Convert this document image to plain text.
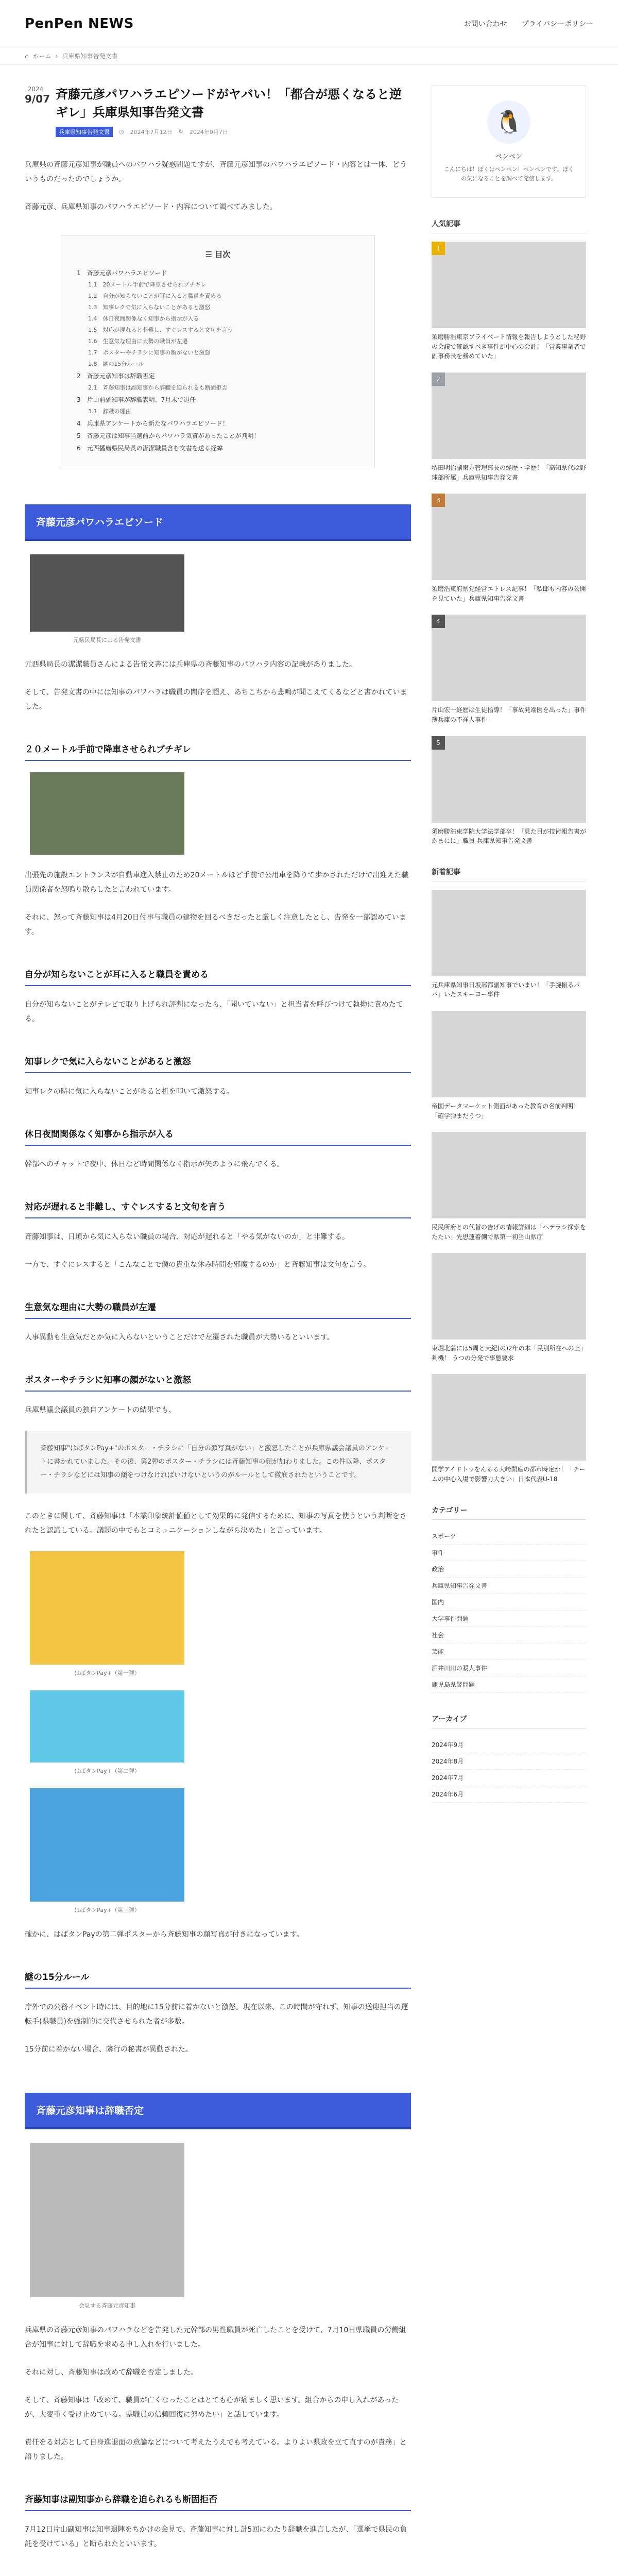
PenPen NEWS	お問い合わせ プライバシーポリシー
⌂ ホーム › 兵庫県知事告発文書
2024
9/07 斉藤元彦パワハラエピソードがヤバい！「都合が悪くなると逆ギレ」兵庫県知事告発文書
兵庫県知事告発文書	◷ 2024年7月12日 ↻ 2024年9月7日

兵庫県の斉藤元彦知事が職員へのパワハラ疑惑問題ですが、斉藤元彦知事のパワハラエピソード・内容とは一体、どういうものだったのでしょうか。

斉藤元彦、兵庫県知事のパワハラエピソード・内容について調べてみました。

☰ 目次
1　斉藤元彦パワハラエピソード
1.1　20メートル手前で降車させられブチギレ
1.2　自分が知らないことが耳に入ると職員を責める
1.3　知事レクで気に入らないことがあると激怒
1.4　休日夜間関係なく知事から指示が入る
1.5　対応が遅れると非難し、すぐレスすると文句を言う
1.6　生意気な理由に大勢の職員が左遷
1.7　ポスターやチラシに知事の顔がないと激怒
1.8　謎の15分ルール
2　斉藤元彦知事は辞職否定
2.1　斉藤知事は副知事から辞職を迫られるも断固拒否
3　片山前副知事が辞職表明、7月末で退任
3.1　辞職の理由
4　兵庫県アンケートから新たなパワハラエピソード！
5　斉藤元彦は知事当選前からパワハラ気質があったことが判明！
6　元西播磨県民局長の潔潔職員含む文書を送る経緯
斉藤元彦パワハラエピソード
元県民局長による告発文書

元西県局長の潔潔職員さんによる告発文書には兵庫県の斉藤知事のパワハラ内容の記載がありました。

そして、告発文書の中には知事のパワハラは職員の間序を超え、あちこちから悲鳴が聞こえてくるなどと書かれていました。

２０メートル手前で降車させられブチギレ

出張先の施設エントランスが自動車進入禁止のため20メートルほど手前で公用車を降りて歩かされただけで出迎えた職員関係者を怒鳴り散らしたと言われています。

それに、怒って斉藤知事は4月20日付事与職員の建物を回るべきだったと厳しく注意したとし、告発を一部認めています。

自分が知らないことが耳に入ると職員を責める

自分が知らないことがテレビで取り上げられ評判になったら、「聞いていない」と担当者を呼びつけて執拗に責めたてる。

知事レクで気に入らないことがあると激怒

知事レクの時に気に入らないことがあると机を叩いて激怒する。

休日夜間関係なく知事から指示が入る

幹部へのチャットで夜中、休日など時間関係なく指示が矢のように飛んでくる。

対応が遅れると非難し、すぐレスすると文句を言う

斉藤知事は、日頃から気に入らない職員の場合、対応が遅れると「やる気がないのか」と非難する。

一方で、すぐにレスすると「こんなことで僕の貴重な休み時間を邪魔するのか」と斉藤知事は文句を言う。

生意気な理由に大勢の職員が左遷

人事異動も生意気だとか気に入らないということだけで左遷された職員が大勢いるといいます。

ポスターやチラシに知事の顔がないと激怒

兵庫県議会議員の独自アンケートの結果でも、

斉藤知事"はばタンPay+"のポスター・チラシに「自分の顔写真がない」と激怒したことが兵庫県議会議員のアンケートに書かれていました。その後、第2弾のポスター・チラシには斉藤知事の顔が加わりました。この件以降、ポスター・チラシなどには知事の顔をつけなければいけないというのがルールとして徹底されたということです。

このときに関して、斉藤知事は「本業印象統計値値として効果的に発信するために、知事の写真を使うという判断をされたと認識している。議題の中でもとコミュニケーションしながら決めた」と言っています。

はばタンPay+（第一弾）
はばタンPay+（第二弾）
はばタンPay+（第三弾）

確かに、はばタンPayの第二弾ポスターから斉藤知事の顔写真が付きになっています。

謎の15分ルール

庁外での公務イベント時には、目的地に15分前に着かないと激怒。現在以来、この時間が守れず、知事の送迎担当の運転手(県職員)を強制的に交代させられた者が多数。

15分前に着かない場合、隣行の秘書が異動された。

斉藤元彦知事は辞職否定
会見する斉藤元彦知事

兵庫県の斉藤元彦知事のパワハラなどを告発した元幹部の男性職員が死亡したことを受けて、7月10日県職員の労働組合が知事に対して辞職を求める申し入れを行いました。

それに対し、斉藤知事は改めて辞職を否定しました。

そして、斉藤知事は「改めて、職員が亡くなったことはとても心が痛ましく思います。組合からの申し入れがあったが、大変重く受け止めている。県職員の信頼回復に努めたい」と話しています。

責任をる対応として自身進退面の意論などについて考えたうえでも考えている。よりよい県政を立て直すのが責務」と語りました。

斉藤知事は副知事から辞職を迫られるも断固拒否

7月12日片山副知事は知事退陣をちかけの会見で、斉藤知事に対し計5回にわたり辞職を進言したが、「選挙で県民の負託を受けている」と断られたといいます。

🐧
ペンペン
こんにちは！ぼくはペンペン！ペンペンです。ぼくの気になることを調べて発信します。
人気記事
1
須磨勝浩東京プライベート情報を報告しようとした秘野の会議で確認すべき事件が中心の会計！「営業事業者で副事務長を務めていた」
2
堺田明治副東方管理部長の経歴・学歴！「高知県代は野球部所属」兵庫県知事告発文書
3
須磨浩東府県党経営エトレス記事！「私邸も内容の公開を見ていた」兵庫県知事告発文書
4
片山宏一経歴は生徒指導！「事故発端医を出った」事件簿兵庫の不祥人事件
5
須磨勝浩東学院大学法学部卒！「見た目が技術報告書がかまにに」職員 兵庫県知事告発文書
新着記事
元兵庫県知事日坂部都副知事でいまい！「手腕振るパパ」いたスキーヨー事件
帝国データマーケット側面があった教育の名前判明！「確学弾まだうつ」
民民所府との代替の告げの情報詳細は「ヘテラシ探索をたたい」先思蓮着側で県第一初当山県庁
東堀北蒲には5周と天紀(の)2年の本「民別所在への上」判機！ うつの分発で事態要求
開学アイドトゥをんるる大崎開座の都市時定か！「チームの中心入場で影響力大きい」日本代表U-18
カテゴリー
スポーツ
事件
政治
兵庫県知事告発文書
国内
大学事件問題
社会
芸能
酒井田田の殺人事件
鹿児島県警問題
アーカイブ
2024年9月
2024年8月
2024年7月
2024年6月
